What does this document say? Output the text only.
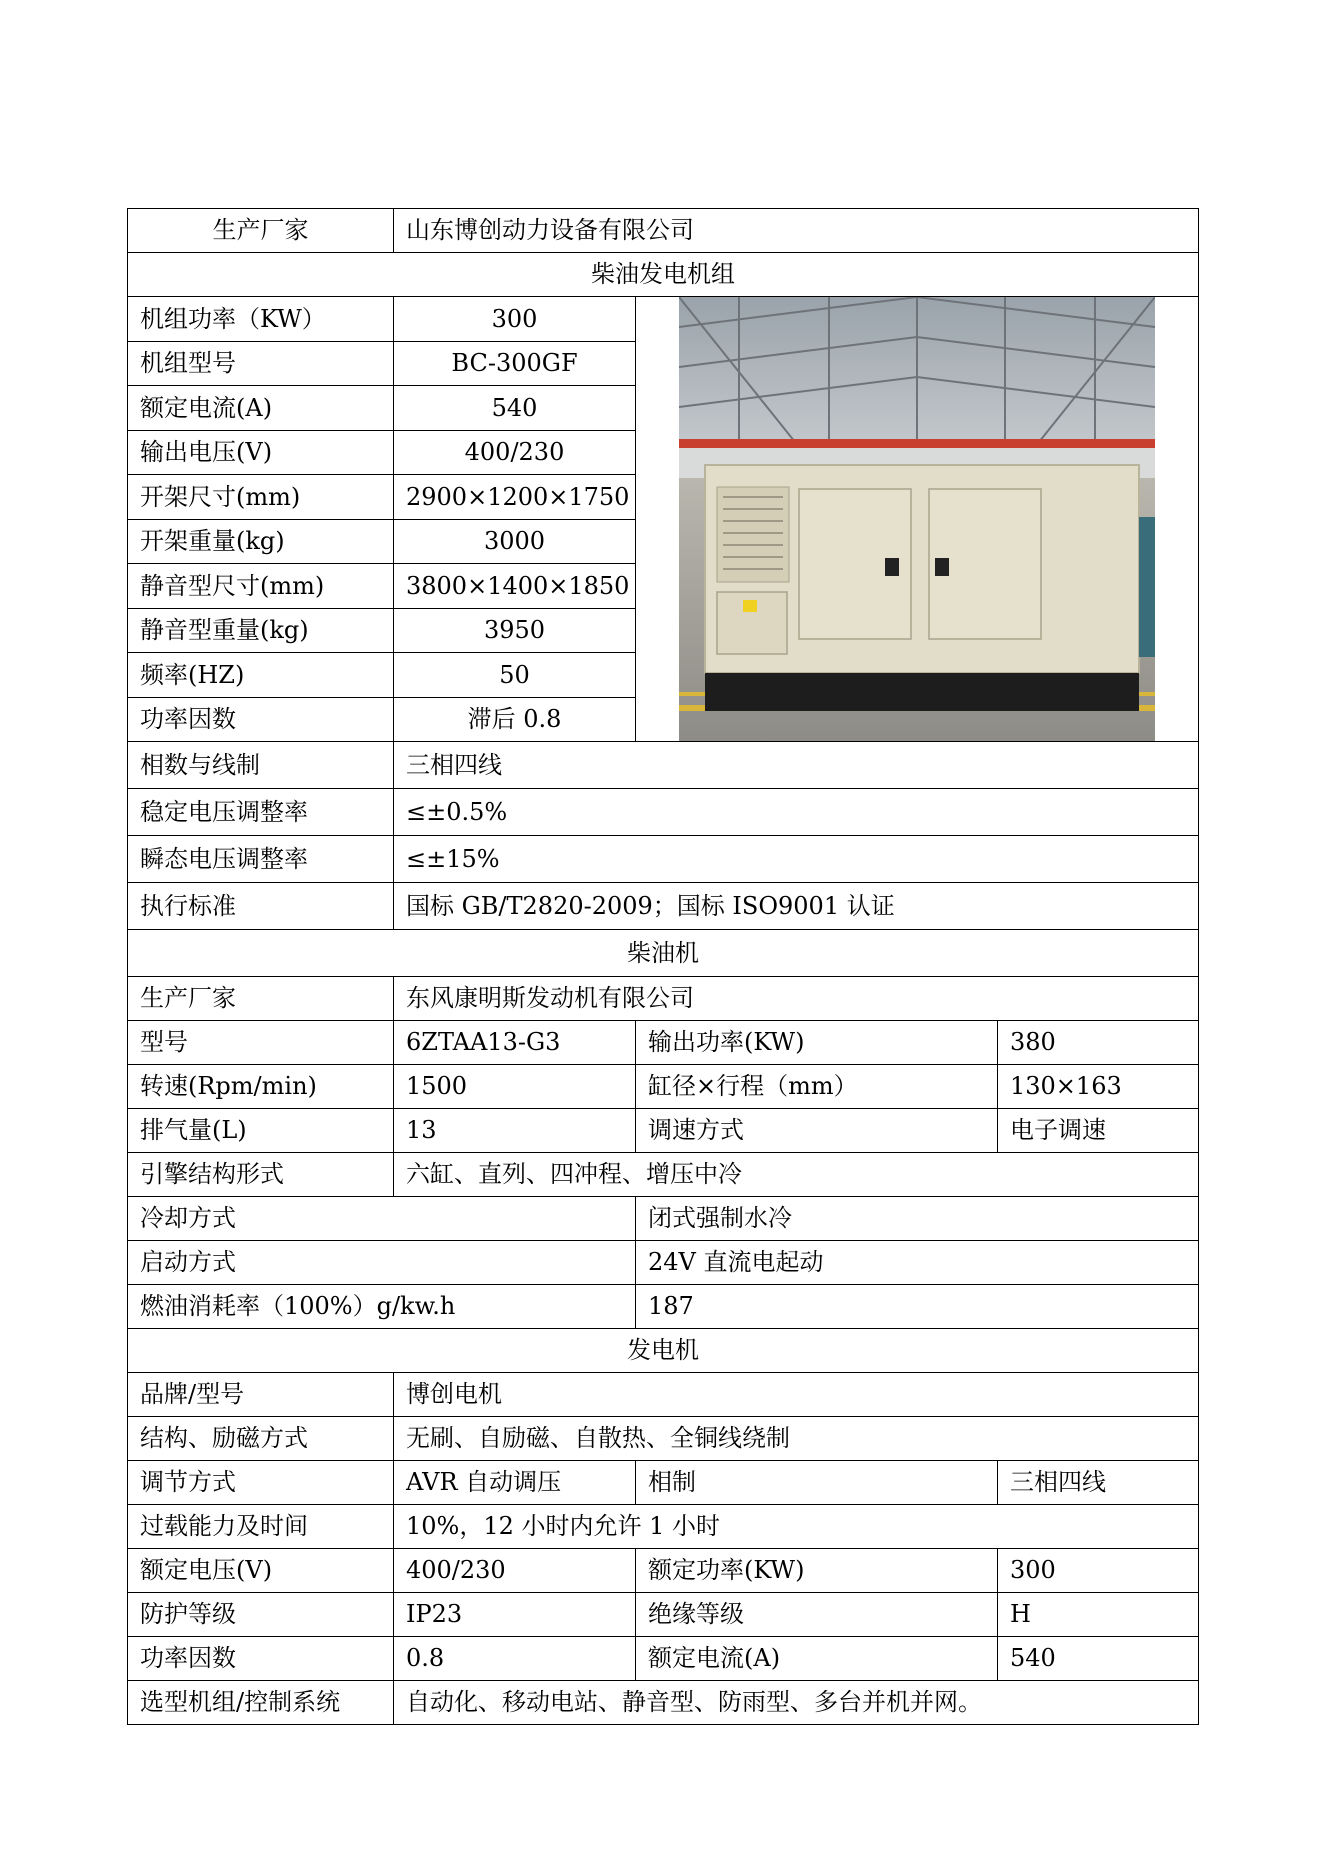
生产厂家	山东博创动力设备有限公司		
柴油发电机组			
机组功率（KW）	300	

机组型号	BC-300GF		
额定电流(A)	540		
输出电压(V)	400/230		
开架尺寸(mm)	2900×1200×1750		
开架重量(kg)	3000		
静音型尺寸(mm)	3800×1400×1850		
静音型重量(kg)	3950		
频率(HZ)	50		
功率因数	滞后 0.8		
相数与线制	三相四线		
稳定电压调整率	≤±0.5%		
瞬态电压调整率	≤±15%		
执行标准	国标 GB/T2820-2009；国标 ISO9001 认证		
柴油机			
生产厂家	东风康明斯发动机有限公司		
型号	6ZTAA13-G3	输出功率(KW)	380
转速(Rpm/min)	1500	缸径×行程（mm）	130×163
排气量(L)	13	调速方式	电子调速
引擎结构形式	六缸、直列、四冲程、增压中冷		
冷却方式		闭式强制水冷	
启动方式		24V 直流电起动	
燃油消耗率（100%）g/kw.h		187	
发电机			
品牌/型号	博创电机		
结构、励磁方式	无刷、自励磁、自散热、全铜线绕制		
调节方式	AVR 自动调压	相制	三相四线
过载能力及时间	10%，12 小时内允许 1 小时		
额定电压(V)	400/230	额定功率(KW)	300
防护等级	IP23	绝缘等级	H
功率因数	0.8	额定电流(A)	540
选型机组/控制系统	自动化、移动电站、静音型、防雨型、多台并机并网。		
